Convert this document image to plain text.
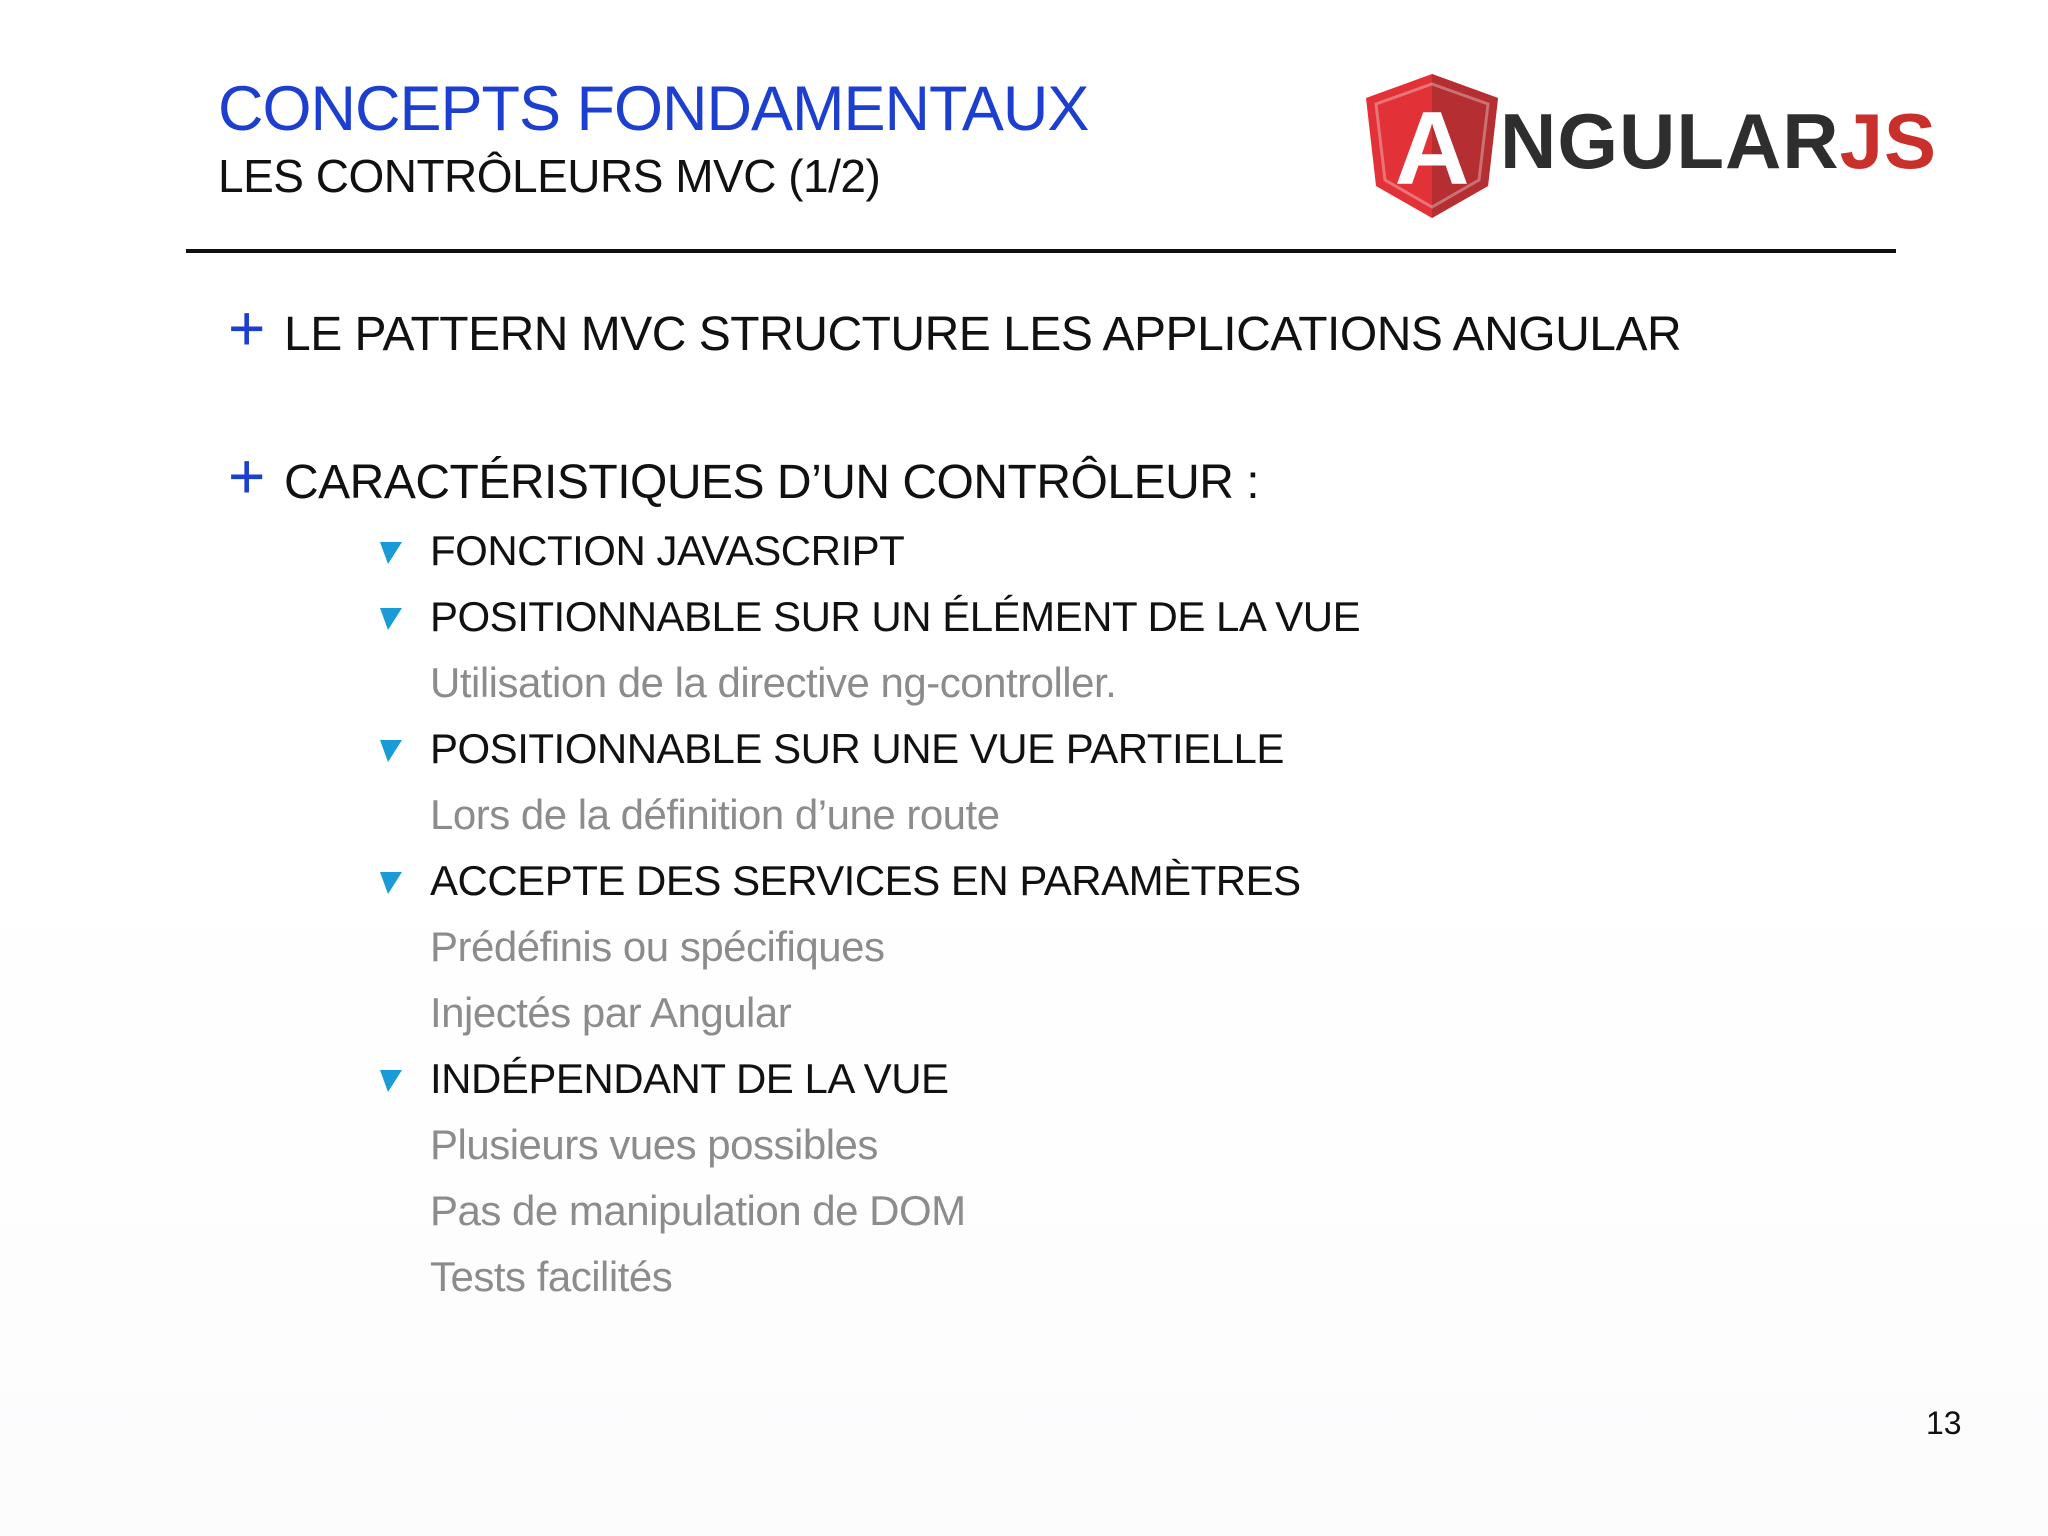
CONCEPTS FONDAMENTAUX
LES CONTRÔLEURS MVC (1/2)	A NGULARJS
+ LE PATTERN MVC STRUCTURE LES APPLICATIONS ANGULAR
+ CARACTÉRISTIQUES D’UN CONTRÔLEUR :
FONCTION JAVASCRIPT
POSITIONNABLE SUR UN ÉLÉMENT DE LA VUE
Utilisation de la directive ng-controller.
POSITIONNABLE SUR UNE VUE PARTIELLE
Lors de la définition d’une route
ACCEPTE DES SERVICES EN PARAMÈTRES
Prédéfinis ou spécifiques
Injectés par Angular
INDÉPENDANT DE LA VUE
Plusieurs vues possibles
Pas de manipulation de DOM
Tests facilités
13
